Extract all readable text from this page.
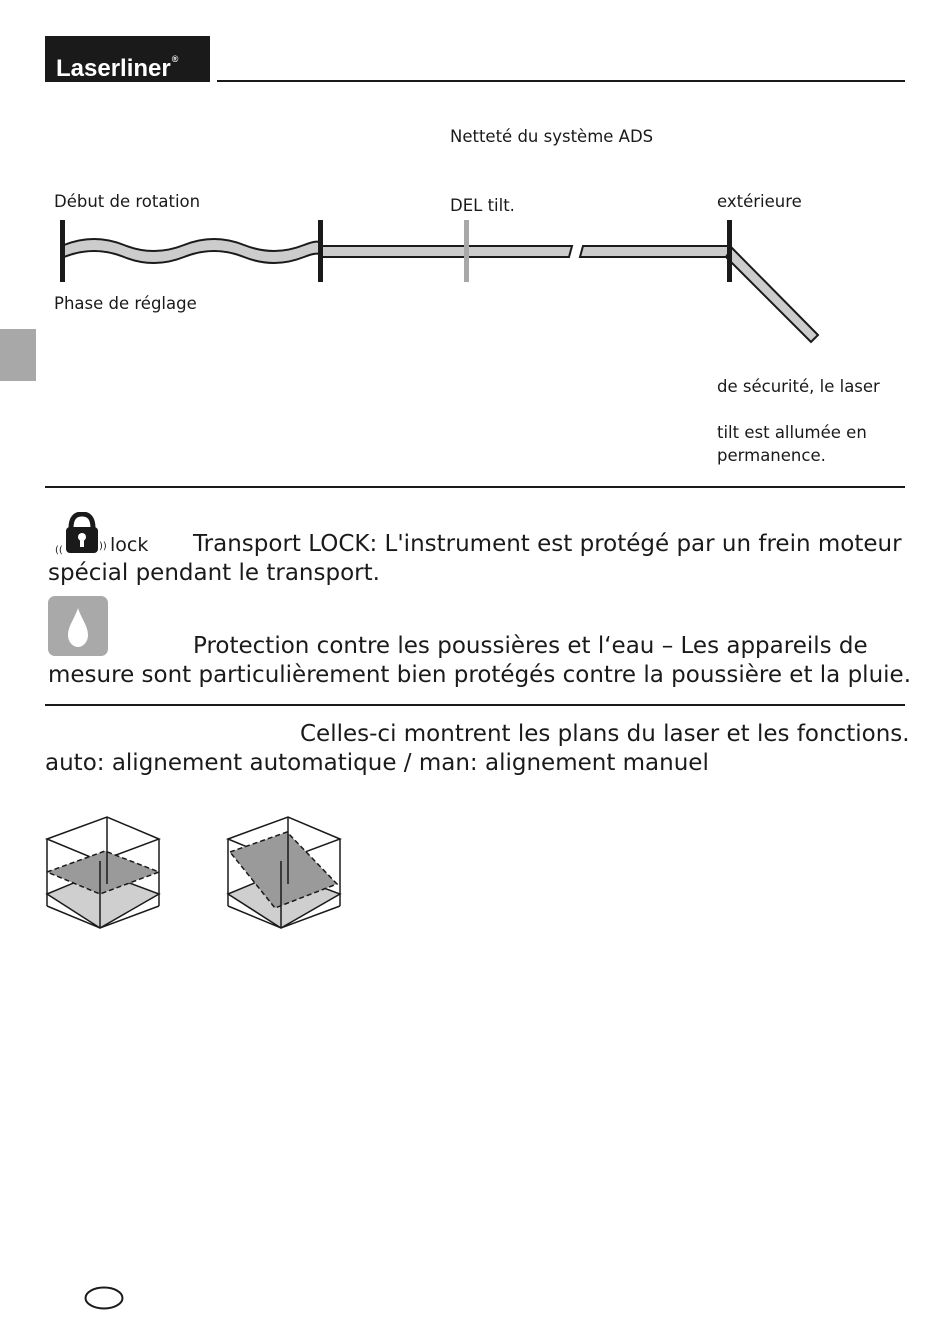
Laserliner®
Netteté du système ADS
Début de rotation	DEL tilt.	extérieure
Phase de réglage
de sécurité, le laser
tilt est allumée en
permanence.
((	)) lock Transport LOCK: L'instrument est protégé par un frein moteur
spécial pendant le transport.
Protection contre les poussières et l‘eau – Les appareils de
mesure sont particulièrement bien protégés contre la poussière et la pluie.
Celles-ci montrent les plans du laser et les fonctions.
auto: alignement automatique / man: alignement manuel
